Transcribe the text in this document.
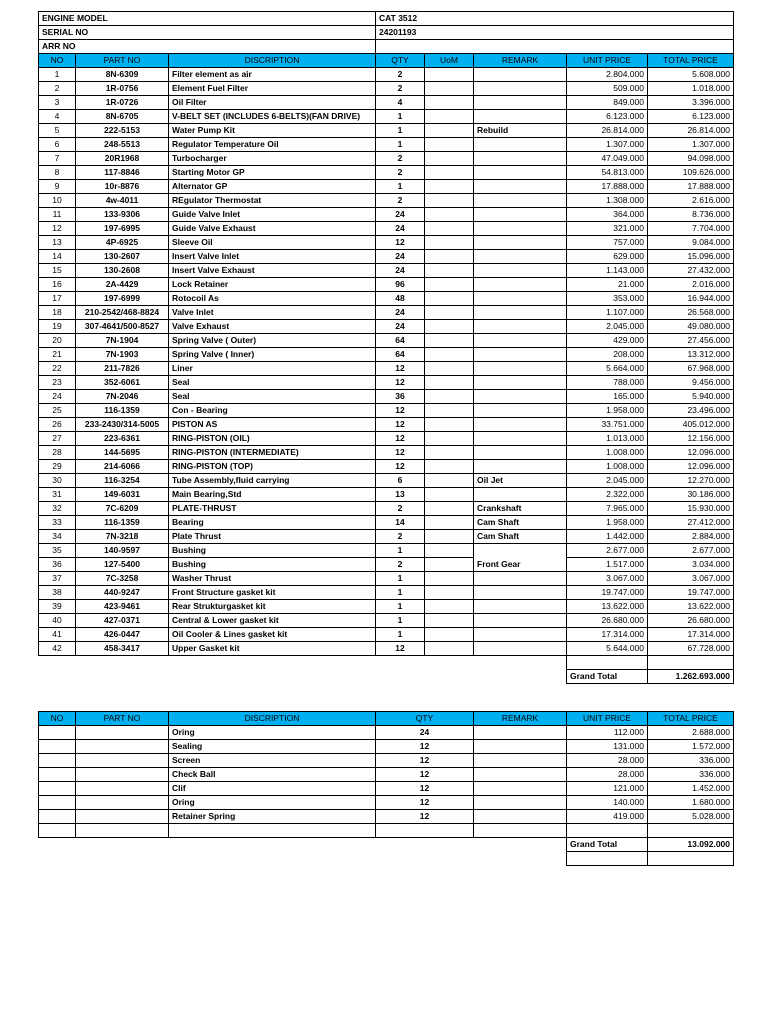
ENGINE MODEL			CAT 3512				
SERIAL NO			24201193				
ARR NO							
NO	PART NO	DISCRIPTION	QTY	UoM	REMARK	UNIT PRICE	TOTAL PRICE
1	8N-6309	Filter element as air	2			2.804.000	5.608.000
2	1R-0756	Element Fuel Filter	2			509.000	1.018.000
3	1R-0726	Oil Filter	4			849.000	3.396.000
4	8N-6705	V-BELT SET (INCLUDES 6-BELTS)(FAN DRIVE)	1			6.123.000	6.123.000
5	222-5153	Water Pump Kit	1		Rebuild	26.814.000	26.814.000
6	248-5513	Regulator Temperature Oil	1			1.307.000	1.307.000
7	20R1968	Turbocharger	2			47.049.000	94.098.000
8	117-8846	Starting Motor GP	2			54.813.000	109.626.000
9	10r-8876	Alternator GP	1			17.888.000	17.888.000
10	4w-4011	REgulator Thermostat	2			1.308.000	2.616.000
11	133-9306	Guide Valve Inlet	24			364.000	8.736.000
12	197-6995	Guide Valve Exhaust	24			321.000	7.704.000
13	4P-6925	Sleeve Oil	12			757.000	9.084.000
14	130-2607	Insert Valve Inlet	24			629.000	15.096.000
15	130-2608	Insert Valve Exhaust	24			1.143.000	27.432.000
16	2A-4429	Lock Retainer	96			21.000	2.016.000
17	197-6999	Rotocoil As	48			353.000	16.944.000
18	210-2542/468-8824	Valve Inlet	24			1.107.000	26.568.000
19	307-4641/500-8527	Valve Exhaust	24			2.045.000	49.080.000
20	7N-1904	Spring Valve ( Outer)	64			429.000	27.456.000
21	7N-1903	Spring Valve ( Inner)	64			208.000	13.312.000
22	211-7826	Liner	12			5.664.000	67.968.000
23	352-6061	Seal	12			788.000	9.456.000
24	7N-2046	Seal	36			165.000	5.940.000
25	116-1359	Con - Bearing	12			1.958.000	23.496.000
26	233-2430/314-5005	PISTON AS	12			33.751.000	405.012.000
27	223-6361	RING-PISTON (OIL)	12			1.013.000	12.156.000
28	144-5695	RING-PISTON (INTERMEDIATE)	12			1.008.000	12.096.000
29	214-6066	RING-PISTON (TOP)	12			1.008.000	12.096.000
30	116-3254	Tube Assembly,fluid carrying	6		Oil Jet	2.045.000	12.270.000
31	149-6031	Main Bearing,Std	13			2.322.000	30.186.000
32	7C-6209	PLATE-THRUST	2		Crankshaft	7.965.000	15.930.000
33	116-1359	Bearing	14		Cam Shaft	1.958.000	27.412.000
34	7N-3218	Plate Thrust	2		Cam Shaft	1.442.000	2.884.000
35	140-9597	Bushing	1			2.677.000	2.677.000
36	127-5400	Bushing	2		Front Gear	1.517.000	3.034.000
37	7C-3258	Washer Thrust	1			3.067.000	3.067.000
38	440-9247	Front Structure gasket kit	1			19.747.000	19.747.000
39	423-9461	Rear Strukturgasket kit	1			13.622.000	13.622.000
40	427-0371	Central & Lower gasket kit	1			26.680.000	26.680.000
41	426-0447	Oil Cooler & Lines gasket kit	1			17.314.000	17.314.000
42	458-3417	Upper Gasket kit	12			5.644.000	67.728.000

						Grand Total	1.262.693.000
NO	PART NO	DISCRIPTION	QTY		REMARK	UNIT PRICE	TOTAL PRICE
		Oring	24			112.000	2.688.000
		Sealing	12			131.000	1.572.000
		Screen	12			28.000	336.000
		Check Ball	12			28.000	336.000
		Clif	12			121.000	1.452.000
		Oring	12			140.000	1.680.000
		Retainer Spring	12			419.000	5.028.000

						Grand Total	13.092.000
